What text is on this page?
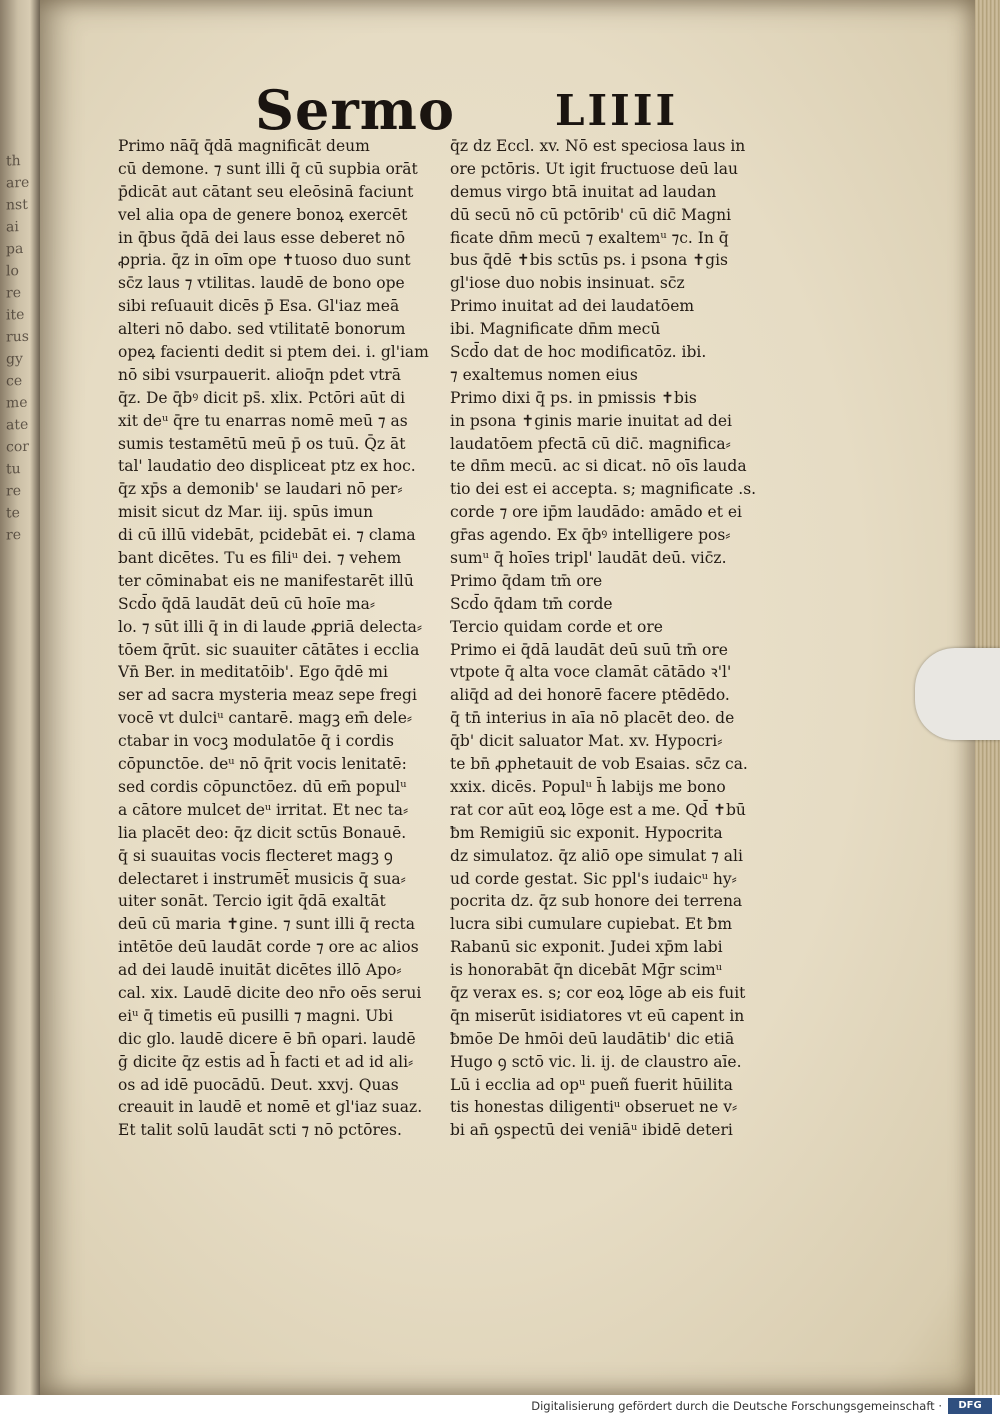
th
are
nst
ai
pa
lo
re
ite
rus
gy
ce
me
ate
cor
tu
re
te
re
Sermo LIIII
Primo nāq̄ q̄dā magnificāt deum
cū demone. ⁊ sunt illi q̄ cū supbia orāt
p̄dicāt aut cātant seu eleōsinā faciunt
vel alia opa de genere bonoꝝ exercēt
in q̄bus q̄dā dei laus esse deberet nō
ꝓpria. q̄z in oīm ope ✝tuoso duo sunt
sc̄z laus ⁊ vtilitas. laudē de bono ope
sibi reſuauit dicēs p̄ Esa. Gl'iaz meā
alteri nō dabo. sed vtilitatē bonorum
opeꝝ facienti dedit si ptem dei. i. gl'iam
nō sibi vsurpauerit. alioq̄n pdet vtrā
q̄z. De q̄bꝰ dicit ps̄. xlix. Pctōri aūt di
xit deᵘ q̄re tu enarras nomē meū ⁊ as
sumis testamētū meū p̄ os tuū. Q̄z āt
tal' laudatio deo displiceat ptz ex hoc.
q̄z xp̄s a demonib' se laudari nō per⸗
misit sicut dz Mar. iij. spūs imun
di cū illū videbāt, pcidebāt ei. ⁊ clama
bant dicētes. Tu es filiᵘ dei. ⁊ vehem
ter cōminabat eis ne manifestarēt illū
Scd̄o q̄dā laudāt deū cū hoīe ma⸗
lo. ⁊ sūt illi q̄ in di laude ꝓpriā delecta⸗
tōem q̄rūt. sic suauiter cātātes i ecclia
Vn̄ Ber. in meditatōib'. Ego q̄dē mi
ser ad sacra mysteria meaz sepe fregi
vocē vt dulciᵘ cantarē. magꝫ em̄ dele⸗
ctabar in vocꝫ modulatōe q̄̄ i cordis
cōpunctōe. deᵘ nō q̄rit vocis lenitatē:
sed cordis cōpunctōez. dū em̄ populᵘ
a cātore mulcet deᵘ irritat. Et nec ta⸗
lia placēt deo: q̄z dicit sctūs Bonauē.
q̄ si suauitas vocis flecteret magꝫ ꝯ
delectaret i instrumēt̄ musicis q̄ sua⸗
uiter sonāt. Tercio igit q̄dā exaltāt
deū cū maria ✝gine. ⁊ sunt illi q̄ recta
intētōe deū laudāt corde ⁊ ore ac alios
ad dei laudē inuitāt dicētes illō Apo⸗
cal. xix. Laudē dicite deo nr̄o oēs serui
eiᵘ q̄ timetis eū pusilli ⁊ magni. Ubi
dic glo. laudē dicere ē bn̄ opari. laudē
ḡ dicite q̄z estis ad h̄ facti et ad id ali⸗
os ad idē puocādū. Deut. xxvj. Quas
creauit in laudē et nomē et gl'iaz suaz.
Et talit solū laudāt scti ⁊ nō pctōres.
q̄z dz Eccl. xv. Nō est speciosa laus in
ore pctōris. Ut igit fructuose deū lau
demus virgo btā inuitat ad laudan
dū secū nō cū pctōrib' cū dic̄ Magni
ficate dn̄m mecū ⁊ exaltemᵘ ⁊c. In q̄
bus q̄dē ✝bis sctūs ps. i psona ✝gis
gl'iose duo nobis insinuat. sc̄z
Primo inuitat ad dei laudatōem
ibi. Magnificate dn̄m mecū
Scd̄o dat de hoc modificatōz. ibi.
⁊ exaltemus nomen eius
Primo dixi q̄ ps. in pmissis ✝bis
in psona ✝ginis marie inuitat ad dei
laudatōem pfectā cū dic̄. magnifica⸗
te dn̄m mecū. ac si dicat. nō oīs lauda
tio dei est ei accepta. s; magnificate .s.
corde ⁊ ore ip̄m laudādo: amādo et ei
gr̄as agendo. Ex q̄bꝰ intelligere pos⸗
sumᵘ q̄ hoīes tripl' laudāt deū. vic̄z.
Primo q̄dam tm̄ ore
Scd̄o q̄dam tm̄ corde
Tercio quidam corde et ore
Primo ei q̄dā laudāt deū suū tm̄ ore
vtpote q̄ alta voce clamāt cātādo ꝛ'l'
aliq̄d ad dei honorē facere ptēdēdo.
q̄ tn̄ interius in aīa nō placēt deo. de
q̄b' dicit saluator Mat. xv. Hypocri⸗
te bn̄ ꝓphetauit de vob Esaias. sc̄z ca.
xxix. dicēs. Populᵘ h̄ labijs me bono
rat cor aūt eoꝝ lōge est a me. Qd̄ ✝bū
ƀm Remigiū sic exponit. Hypocrita
dz simulatoz. q̄z aliō ope simulat ⁊ ali
ud corde gestat. Sic ppl's iudaicᵘ hy⸗
pocrita dz. q̄z sub honore dei terrena
lucra sibi cumulare cupiebat. Et ƀm
Rabanū sic exponit. Judei xp̄m labi
is honorabāt q̄n dicebāt Mḡr scimᵘ
q̄z verax es. s; cor eoꝝ lōge ab eis fuit
q̄n miserūt isidiatores vt eū capent in
ƀmōe De hmōi deū laudātib' dic etiā
Hugo ꝯ sctō vic. li. ij. de claustro aīe.
Lū i ecclia ad opᵘ pueñ fuerit hūilita
tis honestas diligentiᵘ obseruet ne v⸗
bi an̄ ꝯspectū dei veniāᵘ ibidē deteri
Digitalisierung gefördert durch die Deutsche Forschungsgemeinschaft ·	DFG
